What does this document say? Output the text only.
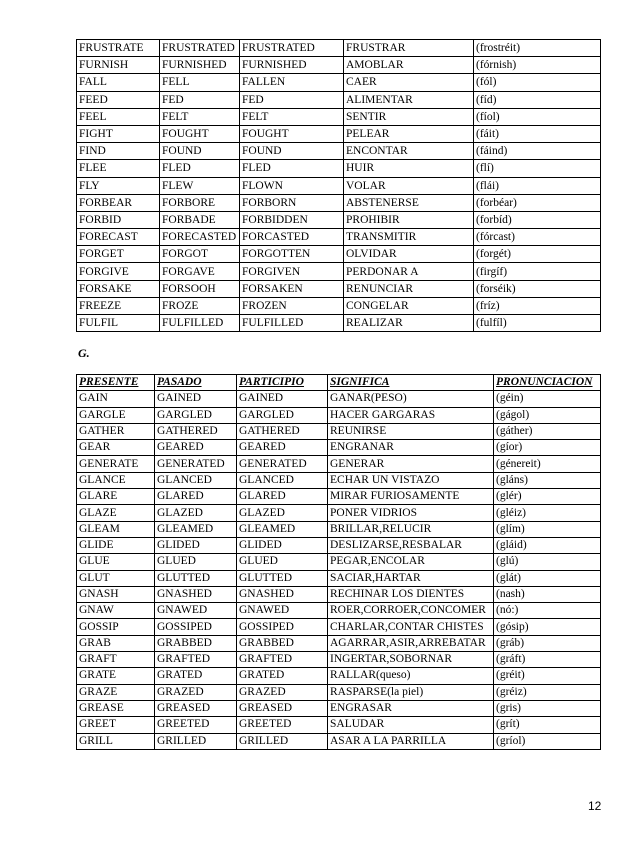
FRUSTRATE	FRUSTRATED	FRUSTRATED	FRUSTRAR	(frostréit)
FURNISH	FURNISHED	FURNISHED	AMOBLAR	(fórnish)
FALL	FELL	FALLEN	CAER	(fól)
FEED	FED	FED	ALIMENTAR	(fíd)
FEEL	FELT	FELT	SENTIR	(fíol)
FIGHT	FOUGHT	FOUGHT	PELEAR	(fáit)
FIND	FOUND	FOUND	ENCONTAR	(fáind)
FLEE	FLED	FLED	HUIR	(flí)
FLY	FLEW	FLOWN	VOLAR	(flái)
FORBEAR	FORBORE	FORBORN	ABSTENERSE	(forbéar)
FORBID	FORBADE	FORBIDDEN	PROHIBIR	(forbíd)
FORECAST	FORECASTED	FORCASTED	TRANSMITIR	(fórcast)
FORGET	FORGOT	FORGOTTEN	OLVIDAR	(forgét)
FORGIVE	FORGAVE	FORGIVEN	PERDONAR A	(firgíf)
FORSAKE	FORSOOH	FORSAKEN	RENUNCIAR	(forséik)
FREEZE	FROZE	FROZEN	CONGELAR	(fríz)
FULFIL	FULFILLED	FULFILLED	REALIZAR	(fulfíl)
G.
PRESENTE	PASADO	PARTICIPIO	SIGNIFICA	PRONUNCIACION
GAIN	GAINED	GAINED	GANAR(PESO)	(géin)
GARGLE	GARGLED	GARGLED	HACER GARGARAS	(gágol)
GATHER	GATHERED	GATHERED	REUNIRSE	(gáther)
GEAR	GEARED	GEARED	ENGRANAR	(gíor)
GENERATE	GENERATED	GENERATED	GENERAR	(génereit)
GLANCE	GLANCED	GLANCED	ECHAR UN VISTAZO	(gláns)
GLARE	GLARED	GLARED	MIRAR FURIOSAMENTE	(glér)
GLAZE	GLAZED	GLAZED	PONER VIDRIOS	(gléiz)
GLEAM	GLEAMED	GLEAMED	BRILLAR,RELUCIR	(glím)
GLIDE	GLIDED	GLIDED	DESLIZARSE,RESBALAR	(gláid)
GLUE	GLUED	GLUED	PEGAR,ENCOLAR	(glú)
GLUT	GLUTTED	GLUTTED	SACIAR,HARTAR	(glát)
GNASH	GNASHED	GNASHED	RECHINAR LOS DIENTES	(nash)
GNAW	GNAWED	GNAWED	ROER,CORROER,CONCOMER	(nó:)
GOSSIP	GOSSIPED	GOSSIPED	CHARLAR,CONTAR CHISTES	(gósip)
GRAB	GRABBED	GRABBED	AGARRAR,ASIR,ARREBATAR	(gráb)
GRAFT	GRAFTED	GRAFTED	INGERTAR,SOBORNAR	(gráft)
GRATE	GRATED	GRATED	RALLAR(queso)	(gréit)
GRAZE	GRAZED	GRAZED	RASPARSE(la piel)	(gréiz)
GREASE	GREASED	GREASED	ENGRASAR	(gris)
GREET	GREETED	GREETED	SALUDAR	(grít)
GRILL	GRILLED	GRILLED	ASAR A LA PARRILLA	(gríol)
12
